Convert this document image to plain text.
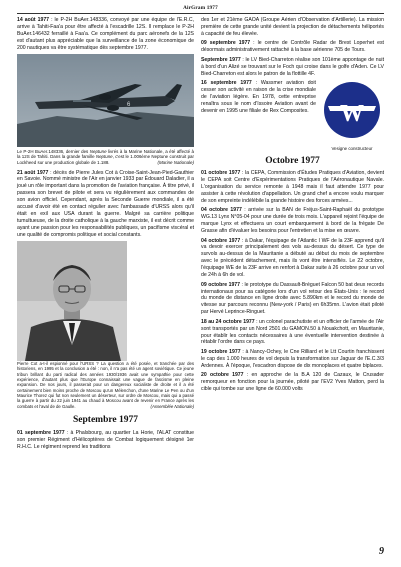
AirGram 1977

14 août 1977 : le P-2H BuAer.148336, convoyé par une équipe de l'E.R.C, arrive à Tahiti-Faa'a pour être affecté à l'escadrille 12S. Il remplace le P-2H BuAer.146432 ferraillé à Faa'a. Ce complément du parc aéronefs de la 12S est d'autant plus appréciable que la surveillance de la zone économique de 200 nautiques va être systématique dès septembre 1977.

6

Le P-2H BuAer.148336, dernier des Neptune livrés à la Marine Nationale, a été affecté à la 12S de Tahiti. Dans la grande famille Neptune, c'est le 1.006ème Neptune construit par Lockheed sur une production globale de 1.188.	(Marine Nationale)

21 août 1977 : décès de Pierre Jules Cot à Croise-Saint-Jean-Pied-Gauthier en Savoie. Nommé ministre de l'Air en janvier 1933 par Édouard Daladier, il a joué un rôle important dans la promotion de l'aviation française. À titre privé, il passera son brevet de pilote et sera vu régulièrement aux commandes de son avion officiel. Cependant, après la Seconde Guerre mondiale, il a été accusé d'avoir été en contact régulier avec l'ambassade d'URSS alors qu'il était en exil aux USA durant la guerre. Malgré sa carrière politique tumultueuse, de la droite catholique à la gauche marxiste, il est décrit comme ayant une passion pour les responsabilités publiques, un pacifisme viscéral et une qualité de compromis politique et social constants.

Pierre Cot a-t-il espionné pour l'URSS ? La question a été posée, et tranchée par des historiens, en 1995 et la conclusion a été : non, il n'a pas été un agent soviétique. Ce jeune tribun brillant du parti radical des années 1930/1936 avait une sympathie pour cette expérience, d'autant plus que l'Europe connaissait une vague de fascisme en pleine expansion. De nos jours, il passerait pour un dangereux socialiste de droite et il a été certainement bien moins proche de Moscou qu'un Mélenchon, d'une Marine Le Pen ou d'un Maurice Thorez qui fut non seulement un déserteur, sur ordre de Moscou, mais qui a passé la guerre à partir du 22 juin 1941 au chaud à Moscou avant de revenir en France après les combats et l'aval de de Gaulle.	(Assemblée Nationale)

Septembre 1977

01 septembre 1977 : à Phalsbourg, au quartier La Horie, l'ALAT constitue son premier Régiment d'Hélicoptères de Combat logiquement désigné 1er R.H.C. Le régiment reprend les traditions

des 1er et 21ème GAOA (Groupe Aérien d'Observation d'Artillerie). La mission première de cette grande unité devient la projection de détachements héliportés à capacité de feu élevée.

09 septembre 1977 : le centre de Contrôle Radar de Brest Loperhet est désormais administrativement rattaché à la base aérienne 705 de Tours.

Septembre 1977 : le LV Bied-Charreton réalise son 101ème appontage de nuit à bord d'un Alizé se trouvant sur le Foch qui croise dans le golfe d'Aden. Ce LV Bied-Charreton est alors le patron de la flottille 4F.

W
Vesigne constructeur

16 septembre 1977 : Wassmer aviation doit cesser son activité en raison de la crise mondiale de l'aviation légère. En 1978, cette entreprise renaîtra sous le nom d'Issoire Aviation avant de devenir en 1995 une filiale de Rex Composites.

Octobre 1977

01 octobre 1977 : la CEPA, Commission d'Études Pratiques d'Aviation, devient le CEPA soit Centre d'Expérimentations Pratiques de l'Aéronautique Navale. L'organisation du service remonte à 1948 mais il faut attendre 1977 pour assister à cette révolution d'appellation. Un grand chef a encore voulu marquer de son empreinte indélébile la grande histoire des forces armées...

04 octobre 1977 : arrivée sur la BAN de Fréjus-Saint-Raphaël du prototype WG.13 Lynx N°05-04 pour une durée de trois mois. L'appareil rejoint l'équipe de marque Lynx et effectuera un court embarquement à bord de la frégate De Grasse afin d'évaluer les besoins pour l'entretien et la mise en œuvre.

04 octobre 1977 : à Dakar, l'équipage de l'Atlantic I WF de la 23F apprend qu'il va devoir exercer principalement des vols au-dessus du désert. Ce type de survols au-dessus de la Mauritanie a débuté au début du mois de septembre avec le précédent détachement, mais ils vont être intensifiés. Le 22 octobre, l'équipage WE de la 23F arrive en renfort à Dakar suite à 26 octobre pour un vol de 24h à 6h de vol.

09 octobre 1977 : le prototype du Dassault-Bréguet Falcon 50 bat deux records internationaux pour sa catégorie lors d'un vol retour des États-Unis : le record du monde de distance en ligne droite avec 5.890km et le record du monde de vitesse sur parcours reconnu (New-york / Paris) en 6h35mn. L'avion était piloté par Hervé Leprince-Ringuet.

18 au 24 octobre 1977 : un colonel parachutiste et un officier de l'armée de l'Air sont transportés par un Nord 2501 du GAMON.50 à Nouakchott, en Mauritanie, pour établir les contacts nécessaires à une éventuelle intervention destinée à rétablir l'ordre dans ce pays.

19 octobre 1977 : à Nancy-Ochey, le Cne Rilliard et le Ltt Courtin franchissent le cap des 1.000 heures de vol depuis la transformation sur Jaguar de l'E.C.3/3 Ardennes. À l'époque, l'escadron dispose de dix monoplaces et quatre biplaces.

20 octobre 1977 : en approche de la B.A 120 de Cazaux, le Crusader remorqueur en fonction pour la journée, piloté par l'EV2 Yves Matton, perd la cible qui tombe sur une ligne de 60.000 volts

9
